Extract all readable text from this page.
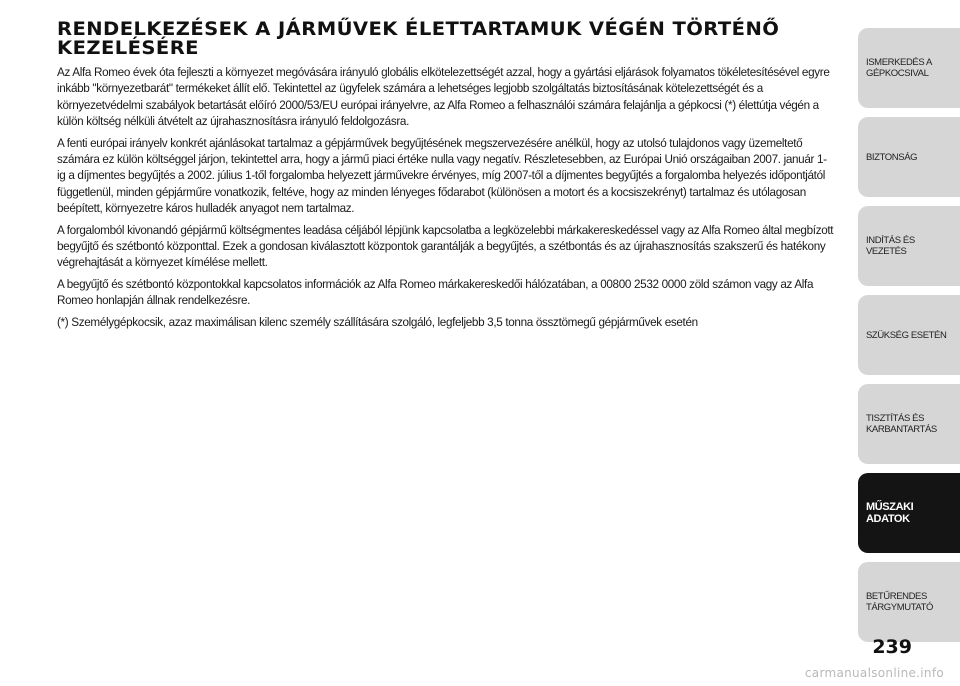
RENDELKEZÉSEK A JÁRMŰVEK ÉLETTARTAMUK VÉGÉN TÖRTÉNŐ KEZELÉSÉRE

Az Alfa Romeo évek óta fejleszti a környezet megóvására irányuló globális elkötelezettségét azzal, hogy a gyártási eljárások folyamatos tökéletesítésével egyre inkább "környezetbarát" termékeket állít elő. Tekintettel az ügyfelek számára a lehetséges legjobb szolgáltatás biztosításának kötelezettségét és a környezetvédelmi szabályok betartását előíró 2000/53/EU európai irányelvre, az Alfa Romeo a felhasználói számára felajánlja a gépkocsi (*) élettútja végén a külön költség nélküli átvételt az újrahasznosításra irányuló feldolgozásra.

A fenti európai irányelv konkrét ajánlásokat tartalmaz a gépjárművek begyűjtésének megszervezésére anélkül, hogy az utolsó tulajdonos vagy üzemeltető számára ez külön költséggel járjon, tekintettel arra, hogy a jármű piaci értéke nulla vagy negatív. Részletesebben, az Európai Unió országaiban 2007. január 1-ig a díjmentes begyűjtés a 2002. július 1-től forgalomba helyezett járművekre érvényes, míg 2007-től a díjmentes begyűjtés a forgalomba helyezés időpontjától függetlenül, minden gépjárműre vonatkozik, feltéve, hogy az minden lényeges fődarabot (különösen a motort és a kocsiszekrényt) tartalmaz és utólagosan beépített, környezetre káros hulladék anyagot nem tartalmaz.

A forgalomból kivonandó gépjármű költségmentes leadása céljából lépjünk kapcsolatba a legközelebbi márkakereskedéssel vagy az Alfa Romeo által megbízott begyűjtő és szétbontó központtal. Ezek a gondosan kiválasztott központok garantálják a begyűjtés, a szétbontás és az újrahasznosítás szakszerű és hatékony végrehajtását a környezet kímélése mellett.

A begyűjtő és szétbontó központokkal kapcsolatos információk az Alfa Romeo márkakereskedői hálózatában, a 00800 2532 0000 zöld számon vagy az Alfa Romeo honlapján állnak rendelkezésre.

(*) Személygépkocsik, azaz maximálisan kilenc személy szállítására szolgáló, legfeljebb 3,5 tonna össztömegű gépjárművek esetén

ISMERKEDÉS A
GÉPKOCSIVAL
BIZTONSÁG
INDÍTÁS ÉS VEZETÉS
SZÜKSÉG ESETÉN
TISZTÍTÁS ÉS
KARBANTARTÁS
MŰSZAKI
ADATOK
BETŰRENDES
TÁRGYMUTATÓ
239
carmanualsonline.info
